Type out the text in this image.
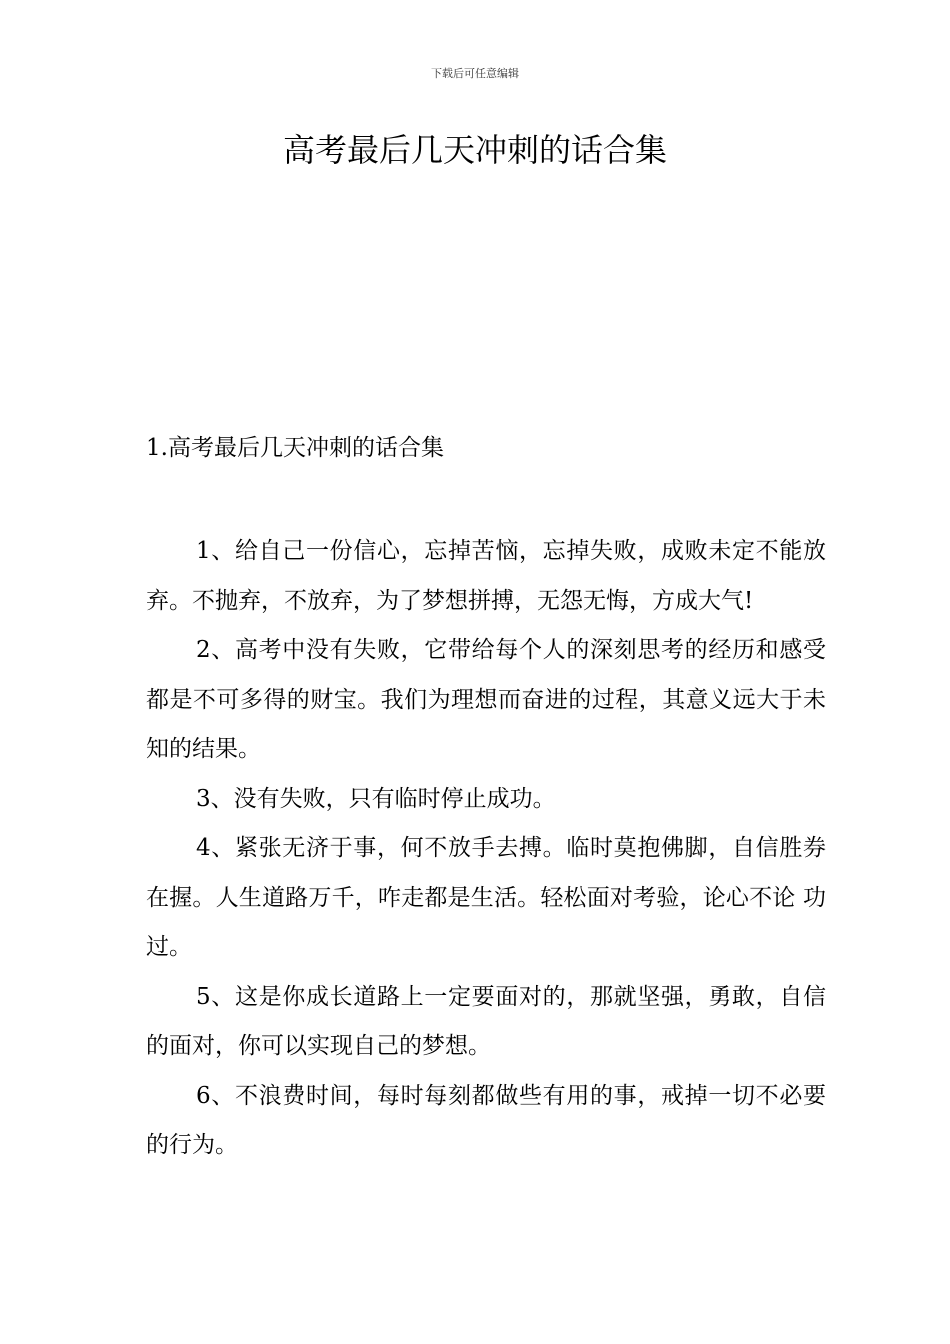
下载后可任意编辑
高考最后几天冲刺的话合集
1.高考最后几天冲刺的话合集

1、给自己一份信心，忘掉苦恼，忘掉失败，成败未定不能放弃。不抛弃，不放弃，为了梦想拼搏，无怨无悔，方成大气!

2、高考中没有失败，它带给每个人的深刻思考的经历和感受都是不可多得的财宝。我们为理想而奋进的过程，其意义远大于未知的结果。

3、没有失败，只有临时停止成功。

4、紧张无济于事，何不放手去搏。临时莫抱佛脚，自信胜券在握。人生道路万千，咋走都是生活。轻松面对考验，论心不论 功过。

5、这是你成长道路上一定要面对的，那就坚强，勇敢，自信的面对，你可以实现自己的梦想。

6、不浪费时间，每时每刻都做些有用的事，戒掉一切不必要的行为。
